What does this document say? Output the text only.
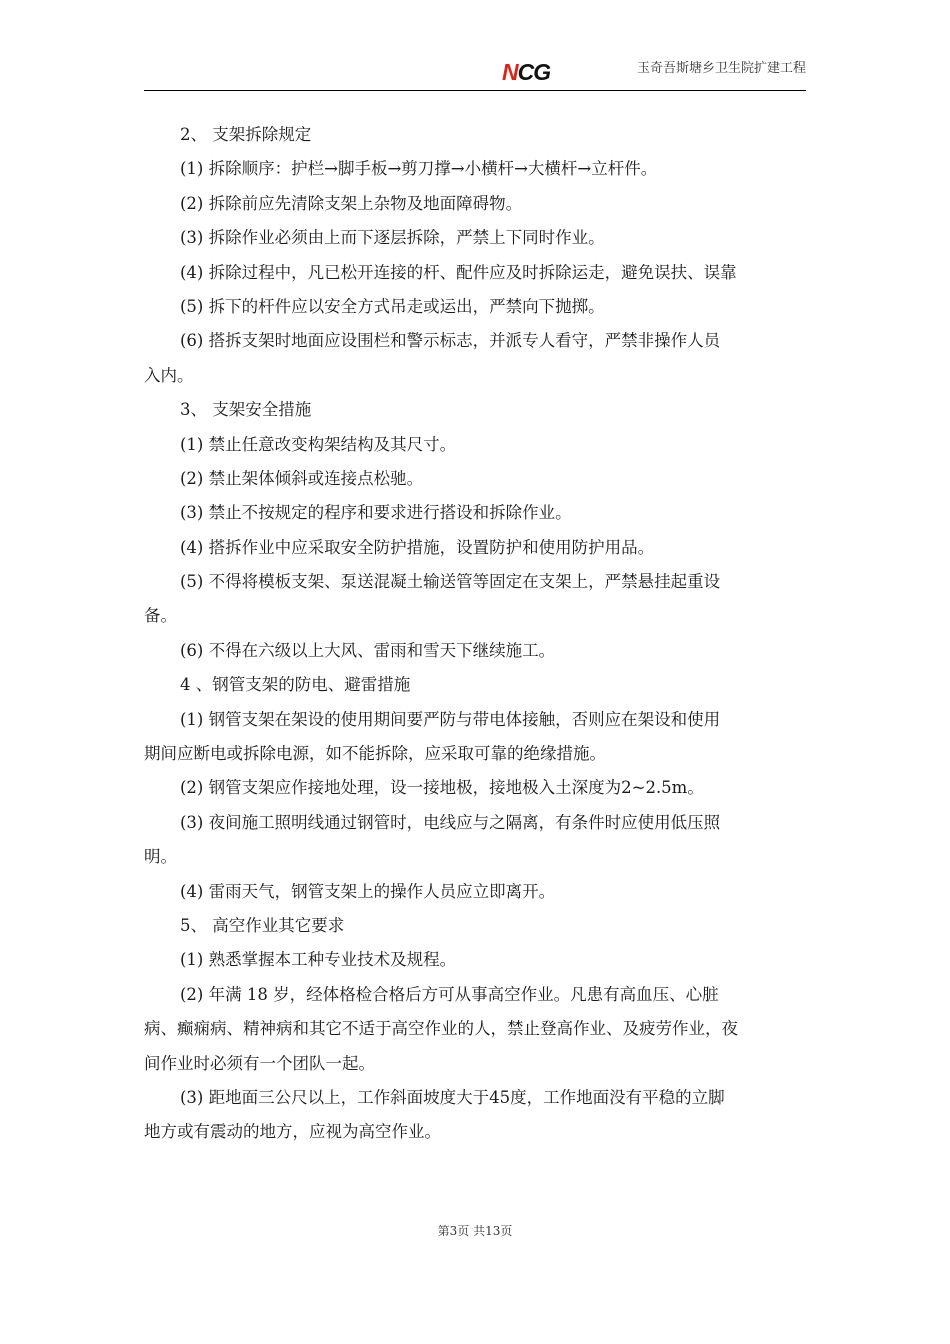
NCG	玉奇吾斯塘乡卫生院扩建工程
2、 支架拆除规定
(1) 拆除顺序：护栏→脚手板→剪刀撑→小横杆→大横杆→立杆件。
(2) 拆除前应先清除支架上杂物及地面障碍物。
(3) 拆除作业必须由上而下逐层拆除，严禁上下同时作业。
(4) 拆除过程中，凡已松开连接的杆、配件应及时拆除运走，避免误扶、误靠
(5) 拆下的杆件应以安全方式吊走或运出，严禁向下抛掷。
(6) 搭拆支架时地面应设围栏和警示标志，并派专人看守，严禁非操作人员
入内。
3、 支架安全措施
(1) 禁止任意改变构架结构及其尺寸。
(2) 禁止架体倾斜或连接点松驰。
(3) 禁止不按规定的程序和要求进行搭设和拆除作业。
(4) 搭拆作业中应采取安全防护措施，设置防护和使用防护用品。
(5) 不得将模板支架、泵送混凝土输送管等固定在支架上，严禁悬挂起重设
备。
(6) 不得在六级以上大风、雷雨和雪天下继续施工。
4 、钢管支架的防电、避雷措施
(1) 钢管支架在架设的使用期间要严防与带电体接触，否则应在架设和使用
期间应断电或拆除电源，如不能拆除，应采取可靠的绝缘措施。
(2) 钢管支架应作接地处理，设一接地极，接地极入土深度为2~2.5m。
(3) 夜间施工照明线通过钢管时，电线应与之隔离，有条件时应使用低压照
明。
(4) 雷雨天气，钢管支架上的操作人员应立即离开。
5、 高空作业其它要求
(1) 熟悉掌握本工种专业技术及规程。
(2) 年满 18 岁，经体格检合格后方可从事高空作业。凡患有高血压、心脏
病、癫痫病、精神病和其它不适于高空作业的人，禁止登高作业、及疲劳作业，夜
间作业时必须有一个团队一起。
(3) 距地面三公尺以上，工作斜面坡度大于45度，工作地面没有平稳的立脚
地方或有震动的地方，应视为高空作业。
第3页 共13页
